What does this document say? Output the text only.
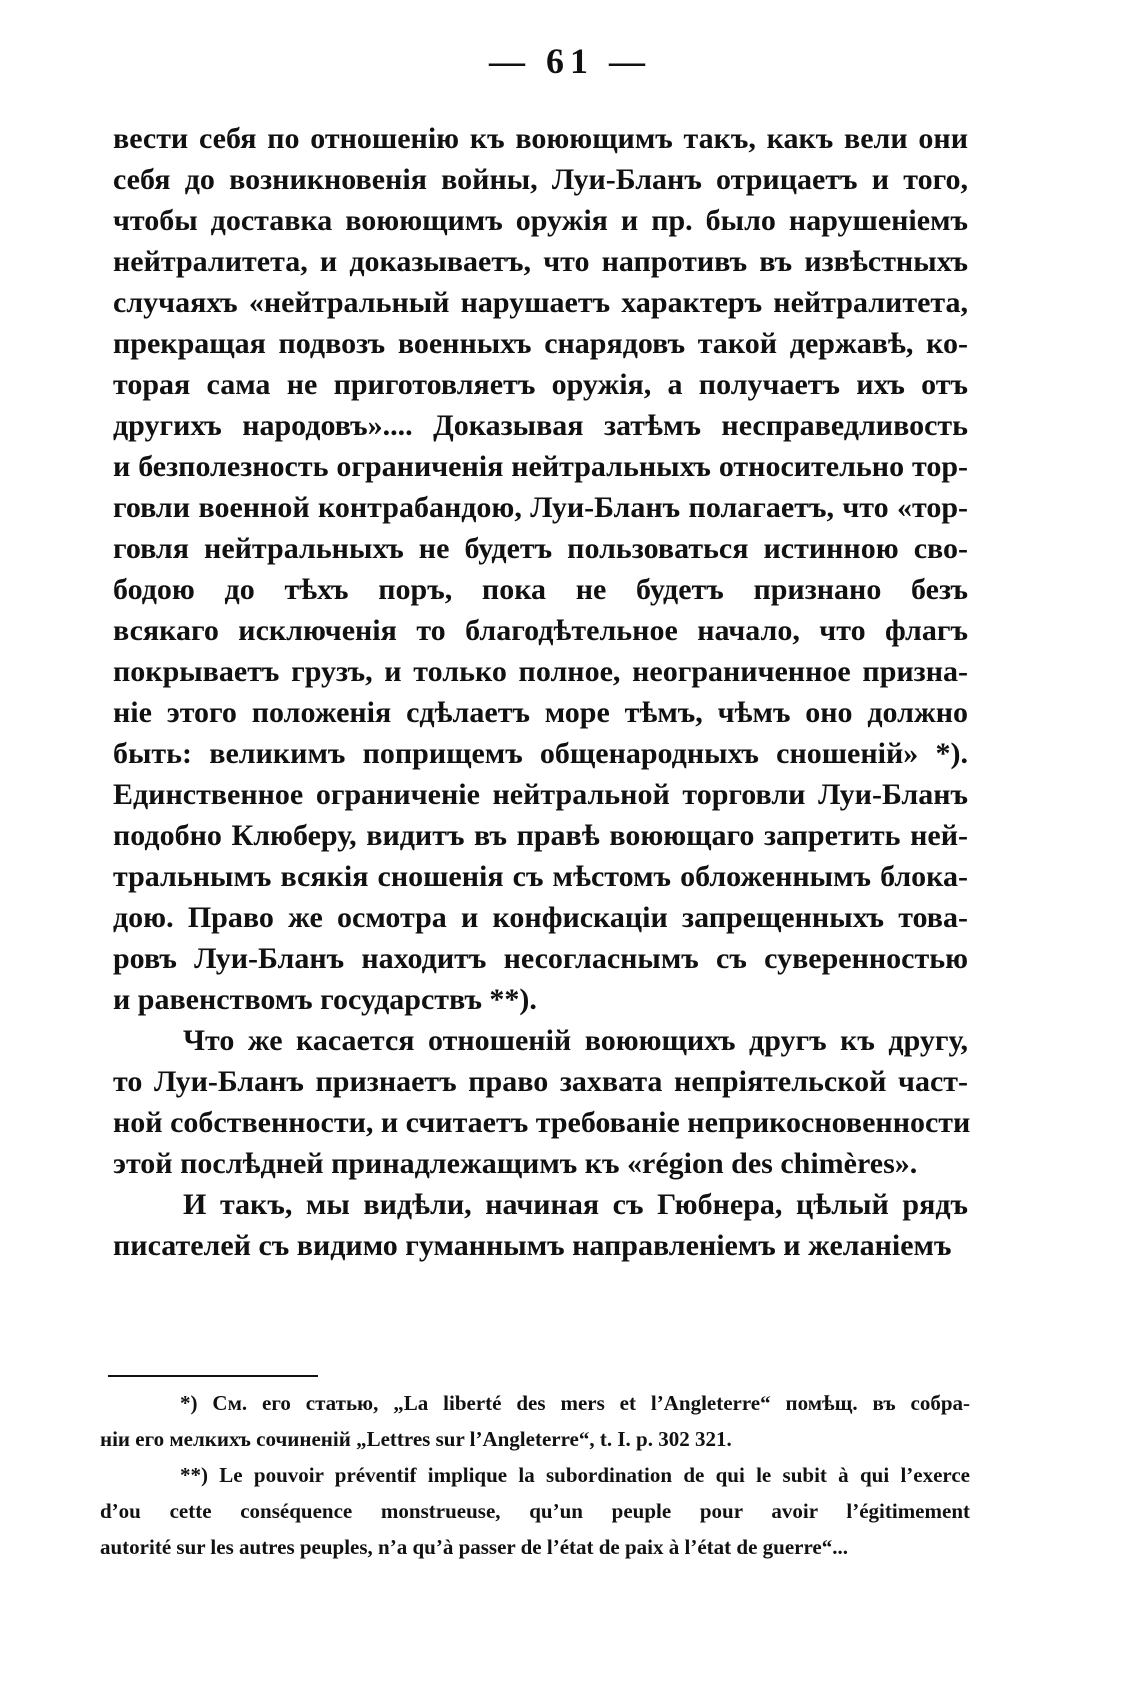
— 61 —
вести себя по отношенію къ воюющимъ такъ, какъ вели они
себя до возникновенія войны, Луи-Бланъ отрицаетъ и того,
чтобы доставка воюющимъ оружія и пр. было нарушеніемъ
нейтралитета, и доказываетъ, что напротивъ въ извѣстныхъ
случаяхъ «нейтральный нарушаетъ характеръ нейтралитета,
прекращая подвозъ военныхъ снарядовъ такой державѣ, ко-
торая сама не приготовляетъ оружія, а получаетъ ихъ отъ
другихъ народовъ».... Доказывая затѣмъ несправедливость
и безполезность ограниченія нейтральныхъ относительно тор-
говли военной контрабандою, Луи-Бланъ полагаетъ, что «тор-
говля нейтральныхъ не будетъ пользоваться истинною сво-
бодою до тѣхъ поръ, пока не будетъ признано безъ
всякаго исключенія то благодѣтельное начало, что флагъ
покрываетъ грузъ, и только полное, неограниченное призна-
ніе этого положенія сдѣлаетъ море тѣмъ, чѣмъ оно должно
быть: великимъ поприщемъ общенародныхъ сношеній» *).
Единственное ограниченіе нейтральной торговли Луи-Бланъ
подобно Клюберу, видитъ въ правѣ воюющаго запретить ней-
тральнымъ всякія сношенія съ мѣстомъ обложеннымъ блока-
дою. Право же осмотра и конфискаціи запрещенныхъ това-
ровъ Луи-Бланъ находитъ несогласнымъ съ суверенностью
и равенствомъ государствъ **).
Что же касается отношеній воюющихъ другъ къ другу,
то Луи-Бланъ признаетъ право захвата непріятельской част-
ной собственности, и считаетъ требованіе неприкосновенности
этой послѣдней принадлежащимъ къ «région des chimères».
И такъ, мы видѣли, начиная съ Гюбнера, цѣлый рядъ
писателей съ видимо гуманнымъ направленіемъ и желаніемъ
*) См. его статью, „La liberté des mers et l’Angleterre“ помѣщ. въ собра-
ніи его мелкихъ сочиненій „Lettres sur l’Angleterre“, t. I. p. 302 321.
**) Le pouvoir préventif implique la subordination de qui le subit à qui l’exerce
d’ou cette conséquence monstrueuse, qu’un peuple pour avoir l’égitimement
autorité sur les autres peuples, n’a qu’à passer de l’état de paix à l’état de guerre“...
